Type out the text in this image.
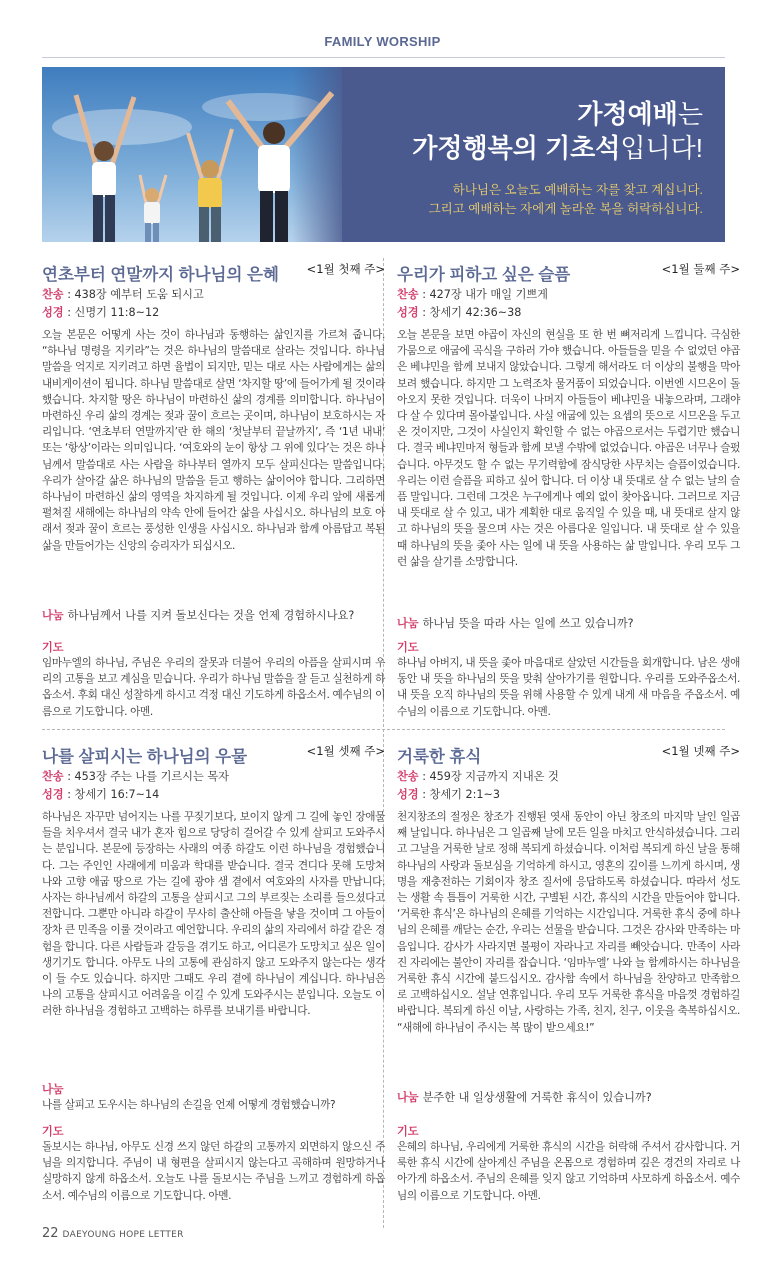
FAMILY WORSHIP
가정예배는
가정행복의 기초석입니다!
하나님은 오늘도 예배하는 자를 찾고 계십니다.
그리고 예배하는 자에게 놀라운 복을 허락하십니다.
연초부터 연말까지 하나님의 은혜 <1월 첫째 주>
찬송 : 438장 예부터 도움 되시고
성경 : 신명기 11:8~12

오늘 본문은 어떻게 사는 것이 하나님과 동행하는 삶인지를 가르쳐 줍니다. “하나님 명령을 지키라”는 것은 하나님의 말씀대로 살라는 것입니다. 하나님 말씀을 억지로 지키려고 하면 율법이 되지만, 믿는 대로 사는 사람에게는 삶의 내비게이션이 됩니다. 하나님 말씀대로 살면 ‘차지할 땅’에 들어가게 될 것이라 했습니다. 차지할 땅은 하나님이 마련하신 삶의 경계를 의미합니다. 하나님이 마련하신 우리 삶의 경계는 젖과 꿀이 흐르는 곳이며, 하나님이 보호하시는 자리입니다. ‘연초부터 연말까지’란 한 해의 ‘첫날부터 끝날까지’, 즉 ‘1년 내내’ 또는 ‘항상’이라는 의미입니다. ‘여호와의 눈이 항상 그 위에 있다’는 것은 하나님께서 말씀대로 사는 사람을 하나부터 열까지 모두 살피신다는 말씀입니다. 우리가 살아갈 삶은 하나님의 말씀을 듣고 행하는 삶이어야 합니다. 그리하면 하나님이 마련하신 삶의 영역을 차지하게 될 것입니다. 이제 우리 앞에 새롭게 펼쳐질 새해에는 하나님의 약속 안에 들어간 삶을 사십시오. 하나님의 보호 아래서 젖과 꿀이 흐르는 풍성한 인생을 사십시오. 하나님과 함께 아름답고 복된 삶을 만들어가는 신앙의 승리자가 되십시오.

나눔 하나님께서 나를 지켜 돌보신다는 것을 언제 경험하시나요?
기도

임마누엘의 하나님, 주님은 우리의 잘못과 더불어 우리의 아픔을 살피시며 우리의 고통을 보고 계심을 믿습니다. 우리가 하나님 말씀을 잘 듣고 실천하게 하옵소서. 후회 대신 성찰하게 하시고 걱정 대신 기도하게 하옵소서. 예수님의 이름으로 기도합니다. 아멘.

우리가 피하고 싶은 슬픔	<1월 둘째 주>
찬송 : 427장 내가 매일 기쁘게
성경 : 창세기 42:36~38

오늘 본문을 보면 야곱이 자신의 현실을 또 한 번 뼈저리게 느낍니다. 극심한 가뭄으로 애굽에 곡식을 구하러 가야 했습니다. 아들들을 믿을 수 없었던 야곱은 베냐민을 함께 보내지 않았습니다. 그렇게 해서라도 더 이상의 불행을 막아보려 했습니다. 하지만 그 노력조차 물거품이 되었습니다. 이번엔 시므온이 돌아오지 못한 것입니다. 더욱이 나머지 아들들이 베냐민을 내놓으라며, 그래야 다 살 수 있다며 몰아붙입니다. 사실 애굽에 있는 요셉의 뜻으로 시므온을 두고 온 것이지만, 그것이 사실인지 확인할 수 없는 야곱으로서는 두렵기만 했습니다. 결국 베냐민마저 형들과 함께 보낼 수밖에 없었습니다. 야곱은 너무나 슬펐습니다. 아무것도 할 수 없는 무기력함에 잠식당한 사무치는 슬픔이었습니다. 우리는 이런 슬픔을 피하고 싶어 합니다. 더 이상 내 뜻대로 살 수 없는 날의 슬픔 말입니다. 그런데 그것은 누구에게나 예외 없이 찾아옵니다. 그러므로 지금 내 뜻대로 살 수 있고, 내가 계획한 대로 움직일 수 있을 때, 내 뜻대로 살지 않고 하나님의 뜻을 물으며 사는 것은 아름다운 일입니다. 내 뜻대로 살 수 있을 때 하나님의 뜻을 좇아 사는 일에 내 뜻을 사용하는 삶 말입니다. 우리 모두 그런 삶을 살기를 소망합니다.

나눔 하나님 뜻을 따라 사는 일에 쓰고 있습니까?
기도

하나님 아버지, 내 뜻을 좇아 마음대로 살았던 시간들을 회개합니다. 남은 생애 동안 내 뜻을 하나님의 뜻을 맞춰 살아가기를 원합니다. 우리를 도와주옵소서. 내 뜻을 오직 하나님의 뜻을 위해 사용할 수 있게 내게 새 마음을 주옵소서. 예수님의 이름으로 기도합니다. 아멘.

나를 살피시는 하나님의 우물	<1월 셋째 주>
찬송 : 453장 주는 나를 기르시는 목자
성경 : 창세기 16:7~14

하나님은 자꾸만 넘어지는 나를 꾸짖기보다, 보이지 않게 그 길에 놓인 장애물들을 치우셔서 결국 내가 혼자 힘으로 당당히 걸어갈 수 있게 살피고 도와주시는 분입니다. 본문에 등장하는 사래의 여종 하갈도 이런 하나님을 경험했습니다. 그는 주인인 사래에게 미움과 학대를 받습니다. 결국 견디다 못해 도망쳐 나와 고향 애굽 땅으로 가는 길에 광야 샘 곁에서 여호와의 사자를 만납니다. 사자는 하나님께서 하갈의 고통을 살피시고 그의 부르짖는 소리를 들으셨다고 전합니다. 그뿐만 아니라 하갈이 무사히 출산해 아들을 낳을 것이며 그 아들이 장차 큰 민족을 이룰 것이라고 예언합니다. 우리의 삶의 자리에서 하갈 같은 경험을 합니다. 다른 사람들과 갈등을 겪기도 하고, 어디론가 도망치고 싶은 일이 생기기도 합니다. 아무도 나의 고통에 관심하지 않고 도와주지 않는다는 생각이 들 수도 있습니다. 하지만 그때도 우리 곁에 하나님이 계십니다. 하나님은 나의 고통을 살피시고 어려움을 이길 수 있게 도와주시는 분입니다. 오늘도 이러한 하나님을 경험하고 고백하는 하루를 보내기를 바랍니다.

나눔

나를 살피고 도우시는 하나님의 손길을 언제 어떻게 경험했습니까?

기도

돌보시는 하나님, 아무도 신경 쓰지 않던 하갈의 고통까지 외면하지 않으신 주님을 의지합니다. 주님이 내 형편을 살피시지 않는다고 곡해하며 원망하거나 실망하지 않게 하옵소서. 오늘도 나를 돌보시는 주님을 느끼고 경험하게 하옵소서. 예수님의 이름으로 기도합니다. 아멘.

거룩한 휴식	<1월 넷째 주>
찬송 : 459장 지금까지 지내온 것
성경 : 창세기 2:1~3

천지창조의 절정은 창조가 진행된 엿새 동안이 아닌 창조의 마지막 날인 일곱째 날입니다. 하나님은 그 일곱째 날에 모든 일을 마치고 안식하셨습니다. 그리고 그날을 거룩한 날로 정해 복되게 하셨습니다. 이처럼 복되게 하신 날을 통해 하나님의 사랑과 돌보심을 기억하게 하시고, 영혼의 깊이를 느끼게 하시며, 생명을 재충전하는 기회이자 창조 질서에 응답하도록 하셨습니다. 따라서 성도는 생활 속 틈틈이 거룩한 시간, 구별된 시간, 휴식의 시간을 만들어야 합니다. ‘거룩한 휴식’은 하나님의 은혜를 기억하는 시간입니다. 거룩한 휴식 중에 하나님의 은혜를 깨닫는 순간, 우리는 선물을 받습니다. 그것은 감사와 만족하는 마음입니다. 감사가 사라지면 불평이 자라나고 자리를 빼앗습니다. 만족이 사라진 자리에는 불안이 자리를 잡습니다. ‘임마누엘’ 나와 늘 함께하시는 하나님을 거룩한 휴식 시간에 붙드십시오. 감사함 속에서 하나님을 찬양하고 만족함으로 고백하십시오. 설날 연휴입니다. 우리 모두 거룩한 휴식을 마음껏 경험하길 바랍니다. 복되게 하신 이날, 사랑하는 가족, 친지, 친구, 이웃을 축복하십시오. “새해에 하나님이 주시는 복 많이 받으세요!”

나눔 분주한 내 일상생활에 거룩한 휴식이 있습니까?
기도

은혜의 하나님, 우리에게 거룩한 휴식의 시간을 허락해 주셔서 감사합니다. 거룩한 휴식 시간에 살아계신 주님을 온몸으로 경험하며 깊은 경건의 자리로 나아가게 하옵소서. 주님의 은혜를 잊지 않고 기억하며 사모하게 하옵소서. 예수님의 이름으로 기도합니다. 아멘.

22 DAEYOUNG HOPE LETTER
